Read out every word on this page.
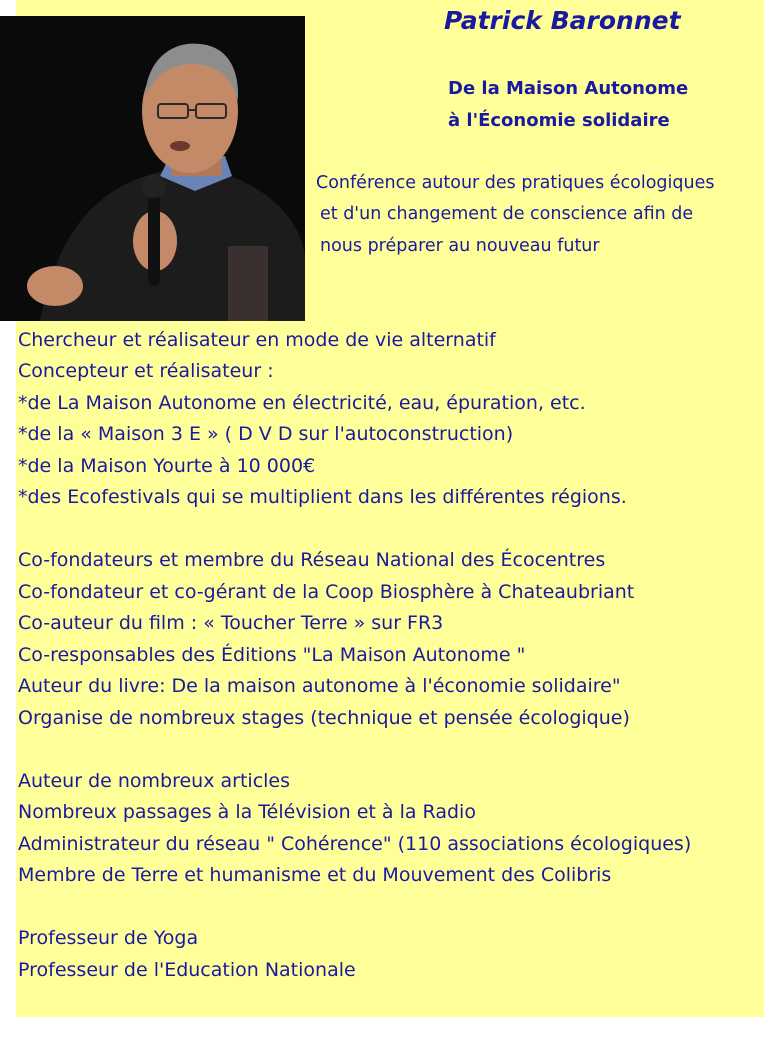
Patrick Baronnet
De la Maison Autonome
à l'Économie solidaire
Conférence autour des pratiques écologiques
et d'un changement de conscience afin de
nous préparer au nouveau futur
Chercheur et réalisateur en mode de vie alternatif
Concepteur et réalisateur :
*de La Maison Autonome en électricité, eau, épuration, etc.
*de la « Maison 3 E » ( D V D sur l'autoconstruction)
*de la Maison Yourte à 10 000€
*des Ecofestivals qui se multiplient dans les différentes régions.
Co-fondateurs et membre du Réseau National des Écocentres
Co-fondateur et co-gérant de la Coop Biosphère à Chateaubriant
Co-auteur du film : « Toucher Terre » sur FR3
Co-responsables des Éditions "La Maison Autonome "
Auteur du livre: De la maison autonome à l'économie solidaire"
Organise de nombreux stages (technique et pensée écologique)
Auteur de nombreux articles
Nombreux passages à la Télévision et à la Radio
Administrateur du réseau " Cohérence" (110 associations écologiques)
Membre de Terre et humanisme et du Mouvement des Colibris
Professeur de Yoga
Professeur de l'Education Nationale
